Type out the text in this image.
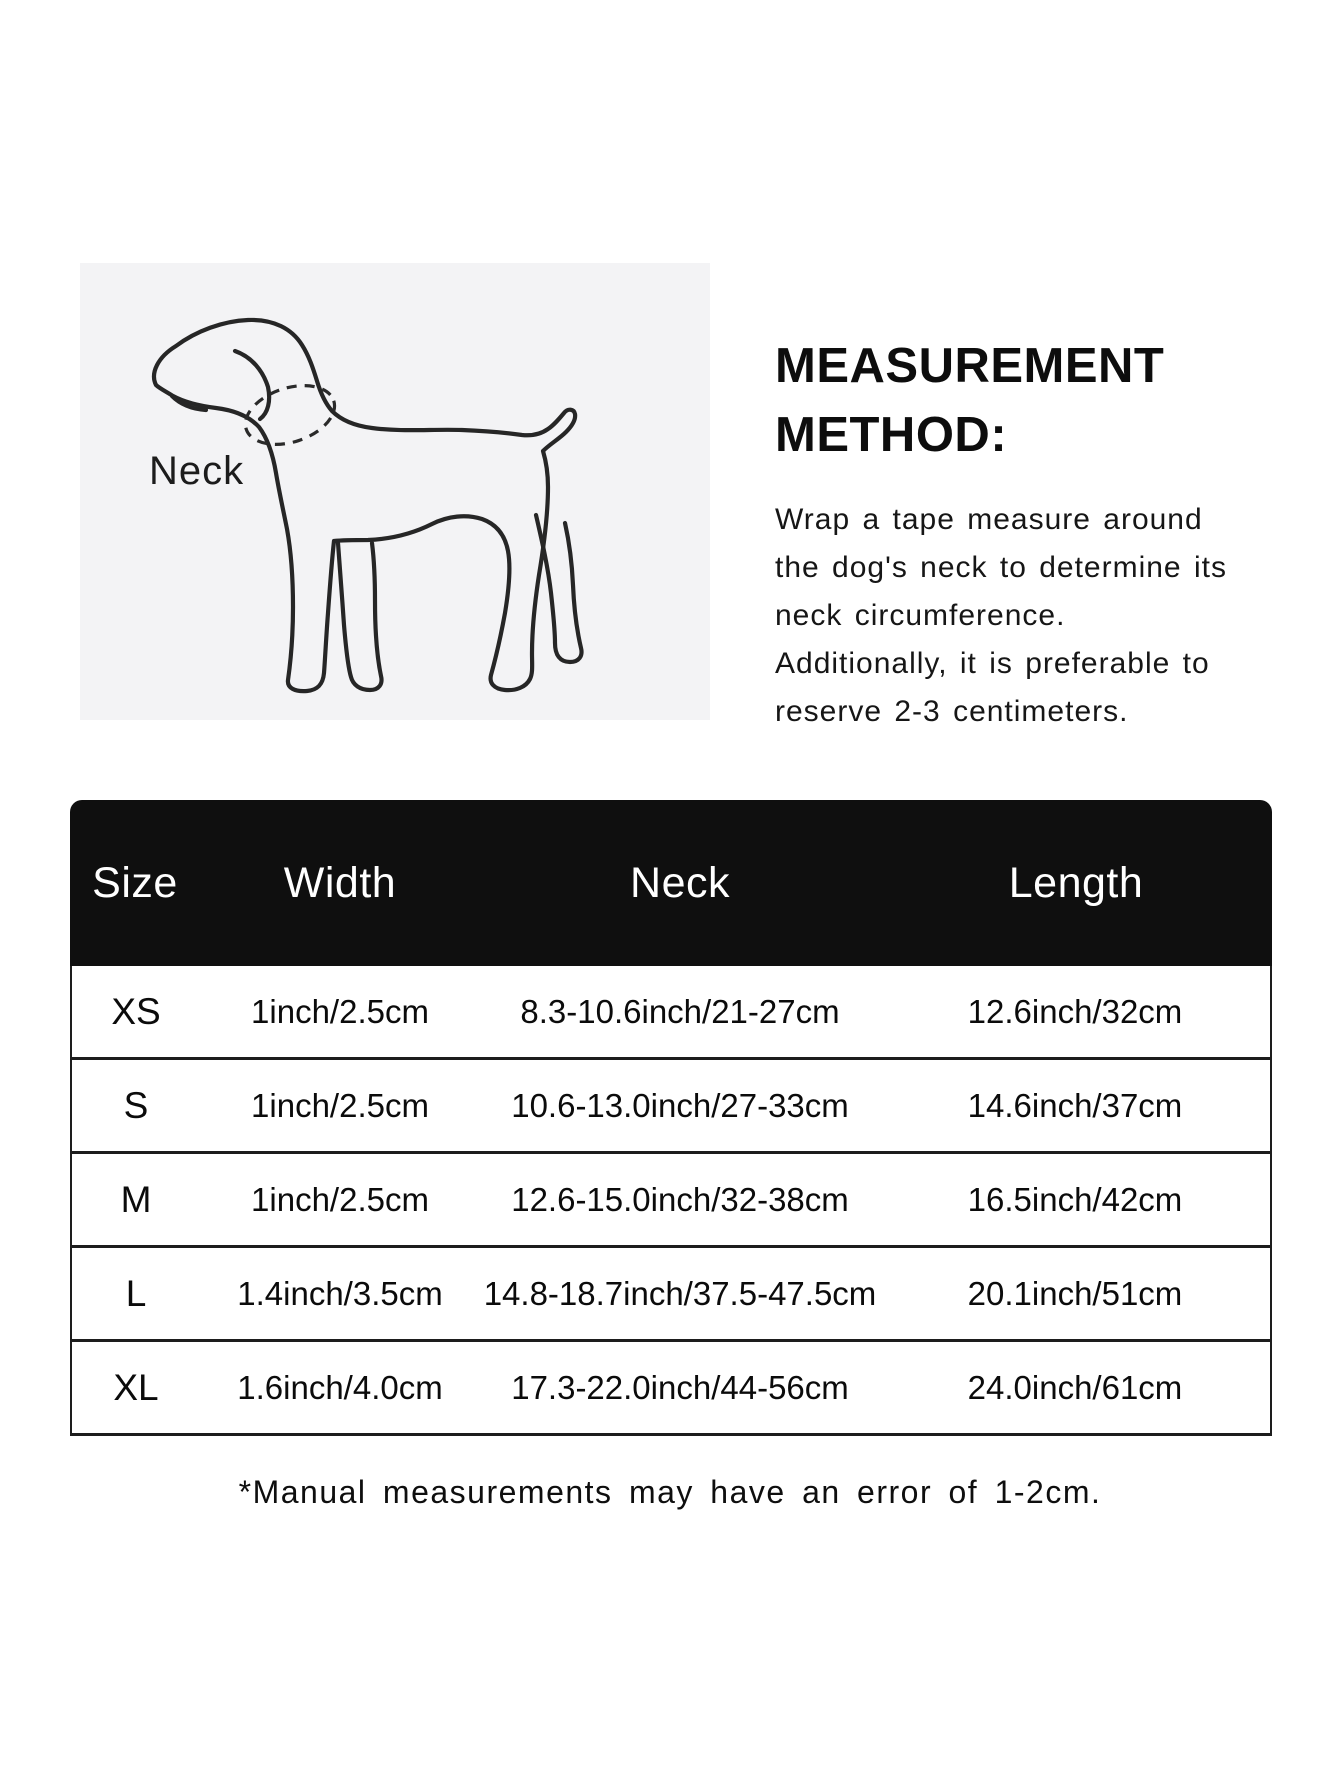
Neck
MEASUREMENT
METHOD:
Wrap a tape measure around
the dog's neck to determine its
neck circumference.
Additionally, it is preferable to
reserve 2-3 centimeters.
Size	Width	Neck	Length
XS	1inch/2.5cm	8.3-10.6inch/21-27cm	12.6inch/32cm
S	1inch/2.5cm	10.6-13.0inch/27-33cm	14.6inch/37cm
M	1inch/2.5cm	12.6-15.0inch/32-38cm	16.5inch/42cm
L	1.4inch/3.5cm	14.8-18.7inch/37.5-47.5cm	20.1inch/51cm
XL	1.6inch/4.0cm	17.3-22.0inch/44-56cm	24.0inch/61cm
*Manual measurements may have an error of 1-2cm.
